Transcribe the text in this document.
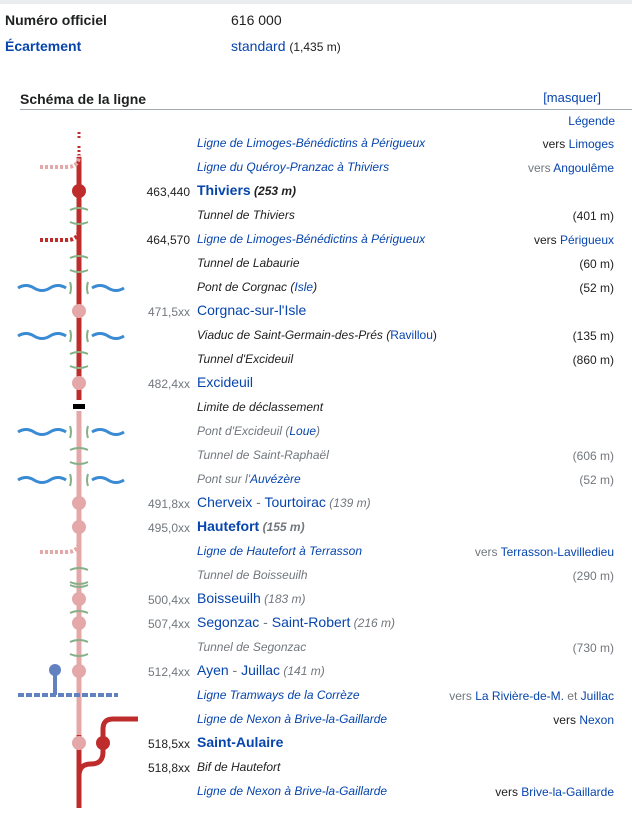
Numéro officiel	616 000
Écartement	standard (1,435 m)
Schéma de la ligne	[masquer]
Légende
Ligne de Limoges-Bénédictins à Périgueux	vers Limoges
Ligne du Quéroy-Pranzac à Thiviers	vers Angoulême
463,440 Thiviers (253 m)
Tunnel de Thiviers	(401 m)
464,570 Ligne de Limoges-Bénédictins à Périgueux	vers Périgueux
Tunnel de Labaurie	(60 m)
Pont de Corgnac (Isle)	(52 m)
471,5xx Corgnac-sur-l'Isle
Viaduc de Saint-Germain-des-Prés (Ravillou)	(135 m)
Tunnel d'Excideuil	(860 m)
482,4xx Excideuil
Limite de déclassement
Pont d'Excideuil (Loue)
Tunnel de Saint-Raphaël	(606 m)
Pont sur l'Auvézère	(52 m)
491,8xx Cherveix - Tourtoirac (139 m)
495,0xx Hautefort (155 m)
Ligne de Hautefort à Terrasson	vers Terrasson-Lavilledieu
Tunnel de Boisseuilh	(290 m)
500,4xx Boisseuilh (183 m)
507,4xx Segonzac - Saint-Robert (216 m)
Tunnel de Segonzac	(730 m)
512,4xx Ayen - Juillac (141 m)
Ligne Tramways de la Corrèze	vers La Rivière-de-M. et Juillac
Ligne de Nexon à Brive-la-Gaillarde	vers Nexon
518,5xx Saint-Aulaire
518,8xx Bif de Hautefort
Ligne de Nexon à Brive-la-Gaillarde	vers Brive-la-Gaillarde
